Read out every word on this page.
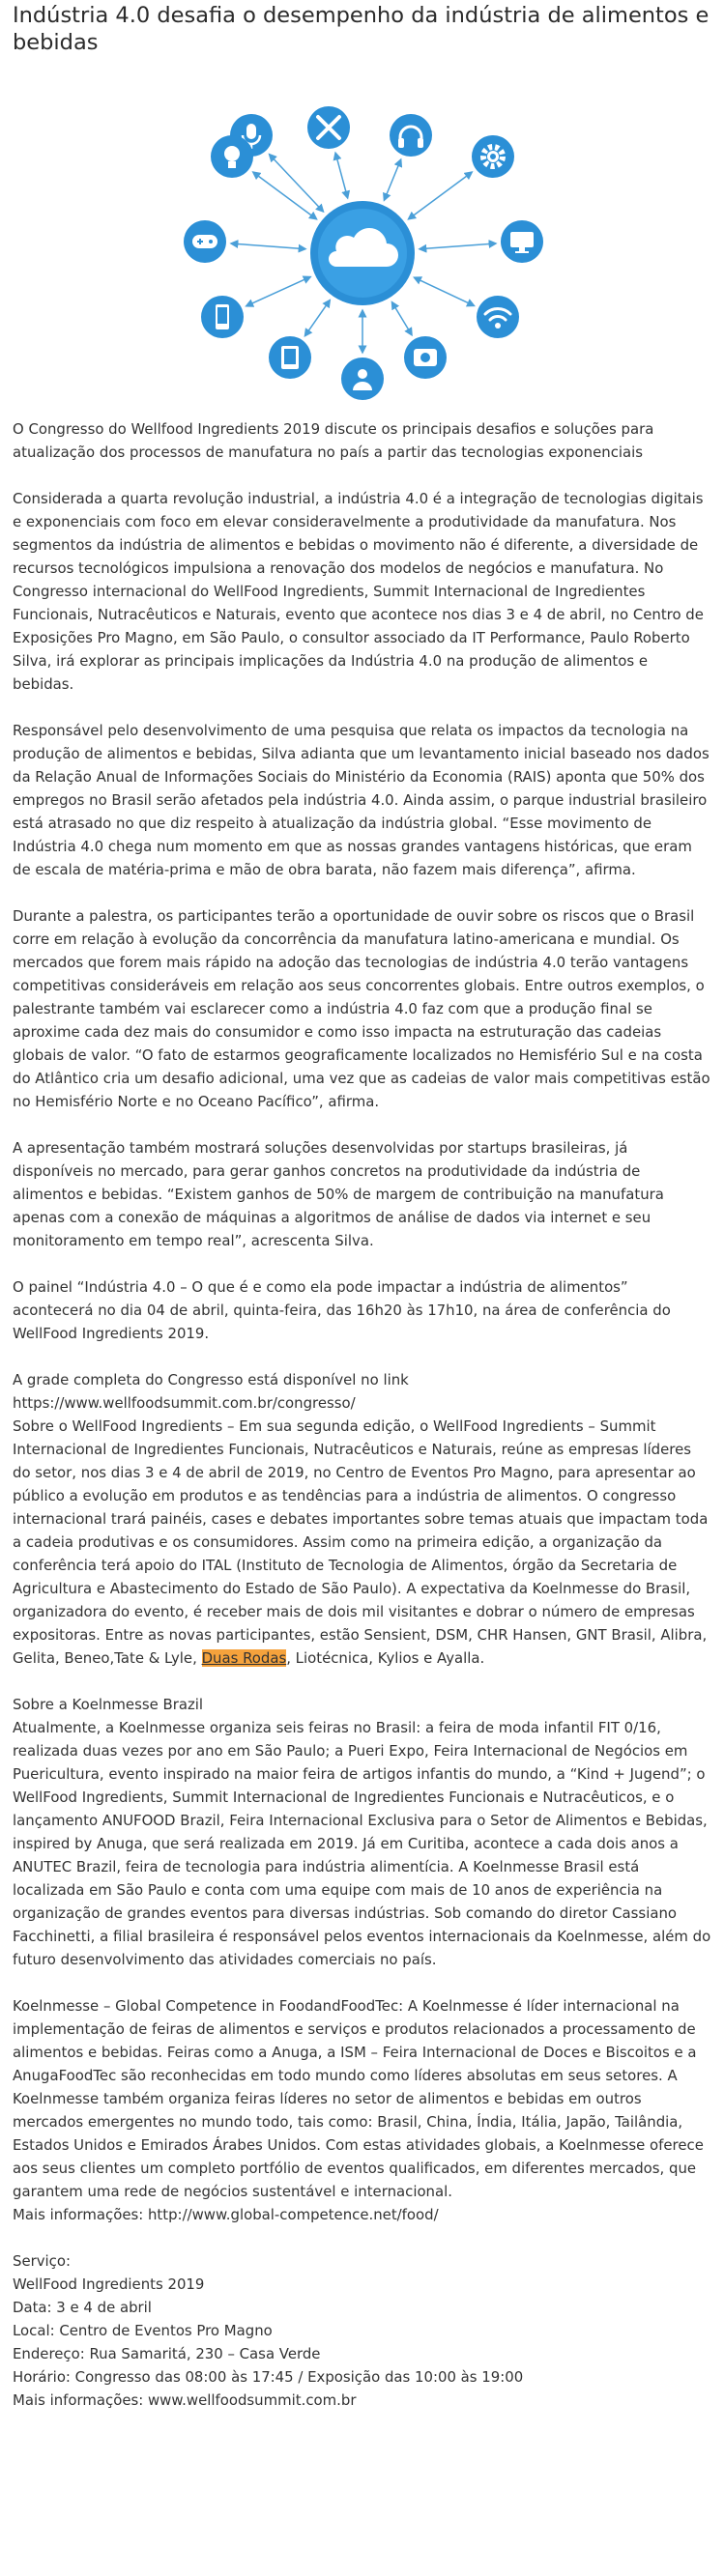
Indústria 4.0 desafia o desempenho da indústria de alimentos e bebidas

O Congresso do Wellfood Ingredients 2019 discute os principais desafios e soluções para atualização dos processos de manufatura no país a partir das tecnologias exponenciais

Considerada a quarta revolução industrial, a indústria 4.0 é a integração de tecnologias digitais e exponenciais com foco em elevar consideravelmente a produtividade da manufatura. Nos segmentos da indústria de alimentos e bebidas o movimento não é diferente, a diversidade de recursos tecnológicos impulsiona a renovação dos modelos de negócios e manufatura. No Congresso internacional do WellFood Ingredients, Summit Internacional de Ingredientes Funcionais, Nutracêuticos e Naturais, evento que acontece nos dias 3 e 4 de abril, no Centro de Exposições Pro Magno, em São Paulo, o consultor associado da IT Performance, Paulo Roberto Silva, irá explorar as principais implicações da Indústria 4.0 na produção de alimentos e bebidas.

Responsável pelo desenvolvimento de uma pesquisa que relata os impactos da tecnologia na produção de alimentos e bebidas, Silva adianta que um levantamento inicial baseado nos dados da Relação Anual de Informações Sociais do Ministério da Economia (RAIS) aponta que 50% dos empregos no Brasil serão afetados pela indústria 4.0. Ainda assim, o parque industrial brasileiro está atrasado no que diz respeito à atualização da indústria global. “Esse movimento de Indústria 4.0 chega num momento em que as nossas grandes vantagens históricas, que eram de escala de matéria-prima e mão de obra barata, não fazem mais diferença”, afirma.

Durante a palestra, os participantes terão a oportunidade de ouvir sobre os riscos que o Brasil corre em relação à evolução da concorrência da manufatura latino-americana e mundial. Os mercados que forem mais rápido na adoção das tecnologias de indústria 4.0 terão vantagens competitivas consideráveis em relação aos seus concorrentes globais. Entre outros exemplos, o palestrante também vai esclarecer como a indústria 4.0 faz com que a produção final se aproxime cada dez mais do consumidor e como isso impacta na estruturação das cadeias globais de valor. “O fato de estarmos geograficamente localizados no Hemisfério Sul e na costa do Atlântico cria um desafio adicional, uma vez que as cadeias de valor mais competitivas estão no Hemisfério Norte e no Oceano Pacífico”, afirma.

A apresentação também mostrará soluções desenvolvidas por startups brasileiras, já disponíveis no mercado, para gerar ganhos concretos na produtividade da indústria de alimentos e bebidas. “Existem ganhos de 50% de margem de contribuição na manufatura apenas com a conexão de máquinas a algoritmos de análise de dados via internet e seu monitoramento em tempo real”, acrescenta Silva.

O painel “Indústria 4.0 – O que é e como ela pode impactar a indústria de alimentos” acontecerá no dia 04 de abril, quinta-feira, das 16h20 às 17h10, na área de conferência do WellFood Ingredients 2019.

A grade completa do Congresso está disponível no link

https://www.wellfoodsummit.com.br/congresso/

Sobre o WellFood Ingredients – Em sua segunda edição, o WellFood Ingredients – Summit Internacional de Ingredientes Funcionais, Nutracêuticos e Naturais, reúne as empresas líderes do setor, nos dias 3 e 4 de abril de 2019, no Centro de Eventos Pro Magno, para apresentar ao público a evolução em produtos e as tendências para a indústria de alimentos. O congresso internacional trará painéis, cases e debates importantes sobre temas atuais que impactam toda a cadeia produtivas e os consumidores. Assim como na primeira edição, a organização da conferência terá apoio do ITAL (Instituto de Tecnologia de Alimentos, órgão da Secretaria de Agricultura e Abastecimento do Estado de São Paulo). A expectativa da Koelnmesse do Brasil, organizadora do evento, é receber mais de dois mil visitantes e dobrar o número de empresas expositoras. Entre as novas participantes, estão Sensient, DSM, CHR Hansen, GNT Brasil, Alibra, Gelita, Beneo,Tate & Lyle, Duas Rodas, Liotécnica, Kylios e Ayalla.

Sobre a Koelnmesse Brazil

Atualmente, a Koelnmesse organiza seis feiras no Brasil: a feira de moda infantil FIT 0/16, realizada duas vezes por ano em São Paulo; a Pueri Expo, Feira Internacional de Negócios em Puericultura, evento inspirado na maior feira de artigos infantis do mundo, a “Kind + Jugend”; o WellFood Ingredients, Summit Internacional de Ingredientes Funcionais e Nutracêuticos, e o lançamento ANUFOOD Brazil, Feira Internacional Exclusiva para o Setor de Alimentos e Bebidas, inspired by Anuga, que será realizada em 2019. Já em Curitiba, acontece a cada dois anos a ANUTEC Brazil, feira de tecnologia para indústria alimentícia. A Koelnmesse Brasil está localizada em São Paulo e conta com uma equipe com mais de 10 anos de experiência na organização de grandes eventos para diversas indústrias. Sob comando do diretor Cassiano Facchinetti, a filial brasileira é responsável pelos eventos internacionais da Koelnmesse, além do futuro desenvolvimento das atividades comerciais no país.

Koelnmesse – Global Competence in FoodandFoodTec: A Koelnmesse é líder internacional na implementação de feiras de alimentos e serviços e produtos relacionados a processamento de alimentos e bebidas. Feiras como a Anuga, a ISM – Feira Internacional de Doces e Biscoitos e a AnugaFoodTec são reconhecidas em todo mundo como líderes absolutas em seus setores. A Koelnmesse também organiza feiras líderes no setor de alimentos e bebidas em outros mercados emergentes no mundo todo, tais como: Brasil, China, Índia, Itália, Japão, Tailândia, Estados Unidos e Emirados Árabes Unidos. Com estas atividades globais, a Koelnmesse oferece aos seus clientes um completo portfólio de eventos qualificados, em diferentes mercados, que garantem uma rede de negócios sustentável e internacional.

Mais informações: http://www.global-competence.net/food/

Serviço:

WellFood Ingredients 2019

Data: 3 e 4 de abril

Local: Centro de Eventos Pro Magno

Endereço: Rua Samaritá, 230 – Casa Verde

Horário: Congresso das 08:00 às 17:45 / Exposição das 10:00 às 19:00

Mais informações: www.wellfoodsummit.com.br
